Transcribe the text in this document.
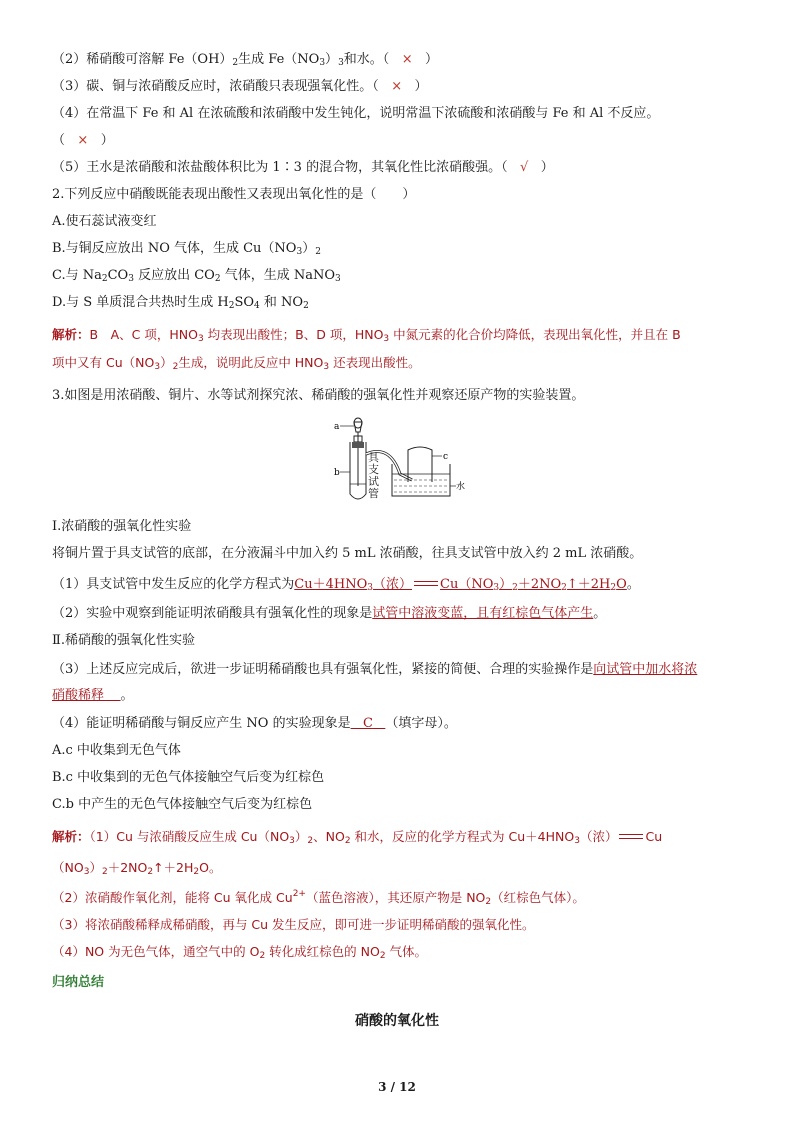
（2）稀硝酸可溶解 $Fe(OH)_2$生成 $Fe(NO_3)_3$和水。（ × ）
（3）碳、铜与浓硝酸反应时，浓硝酸只表现强氧化性。（ × ）
（4）在常温下 Fe 和 Al 在浓硫酸和浓硝酸中发生钝化，说明常温下浓硫酸和浓硝酸与 Fe 和 Al 不反应。
（ × ）
（5）王水是浓硝酸和浓盐酸体积比为 1∶3 的混合物，其氧化性比浓硝酸强。（ √ ）
2.下列反应中硝酸既能表现出酸性又表现出氧化性的是（　　）
A.使石蕊试液变红
B.与铜反应放出 NO 气体，生成 $Cu(NO_3)_2$
C.与 $Na_2CO_3$ 反应放出 $CO_2$ 气体，生成 NaNO$_3$
D.与 S 单质混合共热时生成 $H_2SO_4$ 和 $NO_2$
解析：B　A、C 项，$HNO_3$ 均表现出酸性；B、D 项，$HNO_3$ 中氮元素的化合价均降低，表现出氧化性，并且在 B
项中又有 $Cu(NO_3)_2$生成，说明此反应中 $HNO_3$ 还表现出酸性。
3.如图是用浓硝酸、铜片、水等试剂探究浓、稀硝酸的强氧化性并观察还原产物的实验装置。
a
b
c
水
具支试管
Ⅰ.浓硝酸的强氧化性实验
将铜片置于具支试管的底部，在分液漏斗中加入约 5 mL 浓硝酸，往具支试管中放入约 2 mL 浓硝酸。
（1）具支试管中发生反应的化学方程式为$Cu+4HNO_3$（浓） $Cu(NO_3)_2+2NO_2↑+2H_2O$。
（2）实验中观察到能证明浓硝酸具有强氧化性的现象是试管中溶液变蓝，且有红棕色气体产生。
Ⅱ.稀硝酸的强氧化性实验
（3）上述反应完成后，欲进一步证明稀硝酸也具有强氧化性，紧接的简便、合理的实验操作是向试管中加水将浓
硝酸稀释 。
（4）能证明稀硝酸与铜反应产生 NO 的实验现象是 C （填字母）。
A.c 中收集到无色气体
B.c 中收集到的无色气体接触空气后变为红棕色
C.b 中产生的无色气体接触空气后变为红棕色
解析：（1）Cu 与浓硝酸反应生成 $Cu(NO_3)_2$、$NO_2$ 和水，反应的化学方程式为 $Cu+4HNO_3$（浓） Cu
$(NO_3)_2+2NO_2↑+2H_2O$。
（2）浓硝酸作氧化剂，能将 Cu 氧化成 $Cu^{2+}$（蓝色溶液），其还原产物是 $NO_2$（红棕色气体）。
（3）将浓硝酸稀释成稀硝酸，再与 Cu 发生反应，即可进一步证明稀硝酸的强氧化性。
（4）NO 为无色气体，通空气中的 $O_2$ 转化成红棕色的 $NO_2$ 气体。
归纳总结
硝酸的氧化性
3 / 12
